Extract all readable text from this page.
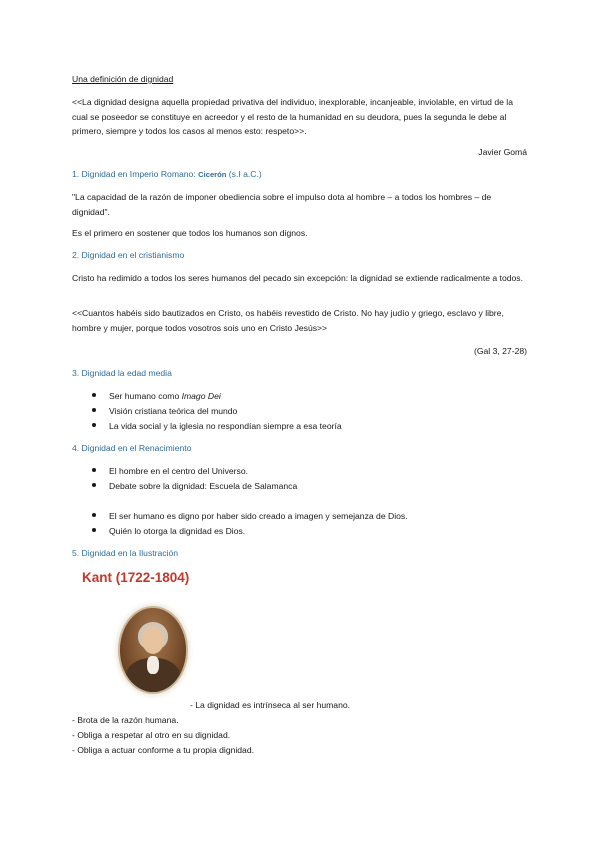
Una definición de dignidad
<<La dignidad designa aquella propiedad privativa del individuo, inexplorable, incanjeable, inviolable, en virtud de la cual se poseedor se constituye en acreedor y el resto de la humanidad en su deudora, pues la segunda le debe al primero, siempre y todos los casos al menos esto: respeto>>.
Javier Gomá
1. Dignidad en Imperio Romano: Cicerón (s.I a.C.)
"La capacidad de la razón de imponer obediencia sobre el impulso dota al hombre – a todos los hombres – de dignidad".
Es el primero en sostener que todos los humanos son dignos.
2. Dignidad en el cristianismo
Cristo ha redimido a todos los seres humanos del pecado sin excepción: la dignidad se extiende radicalmente a todos.
<<Cuantos habéis sido bautizados en Cristo, os habéis revestido de Cristo. No hay judío y griego, esclavo y libre, hombre y mujer, porque todos vosotros sois uno en Cristo Jesús>>
(Gal 3, 27-28)
3. Dignidad la edad media
Ser humano como Imago Dei
Visión cristiana teórica del mundo
La vida social y la iglesia no respondían siempre a esa teoría
4. Dignidad en el Renacimiento
El hombre en el centro del Universo.
Debate sobre la dignidad: Escuela de Salamanca
El ser humano es digno por haber sido creado a imagen y semejanza de Dios.
Quién lo otorga la dignidad es Dios.
5. Dignidad en la Ilustración
Kant (1722-1804)
- La dignidad es intrínseca al ser humano.
- Brota de la razón humana.
- Obliga a respetar al otro en su dignidad.
- Obliga a actuar conforme a tu propia dignidad.
